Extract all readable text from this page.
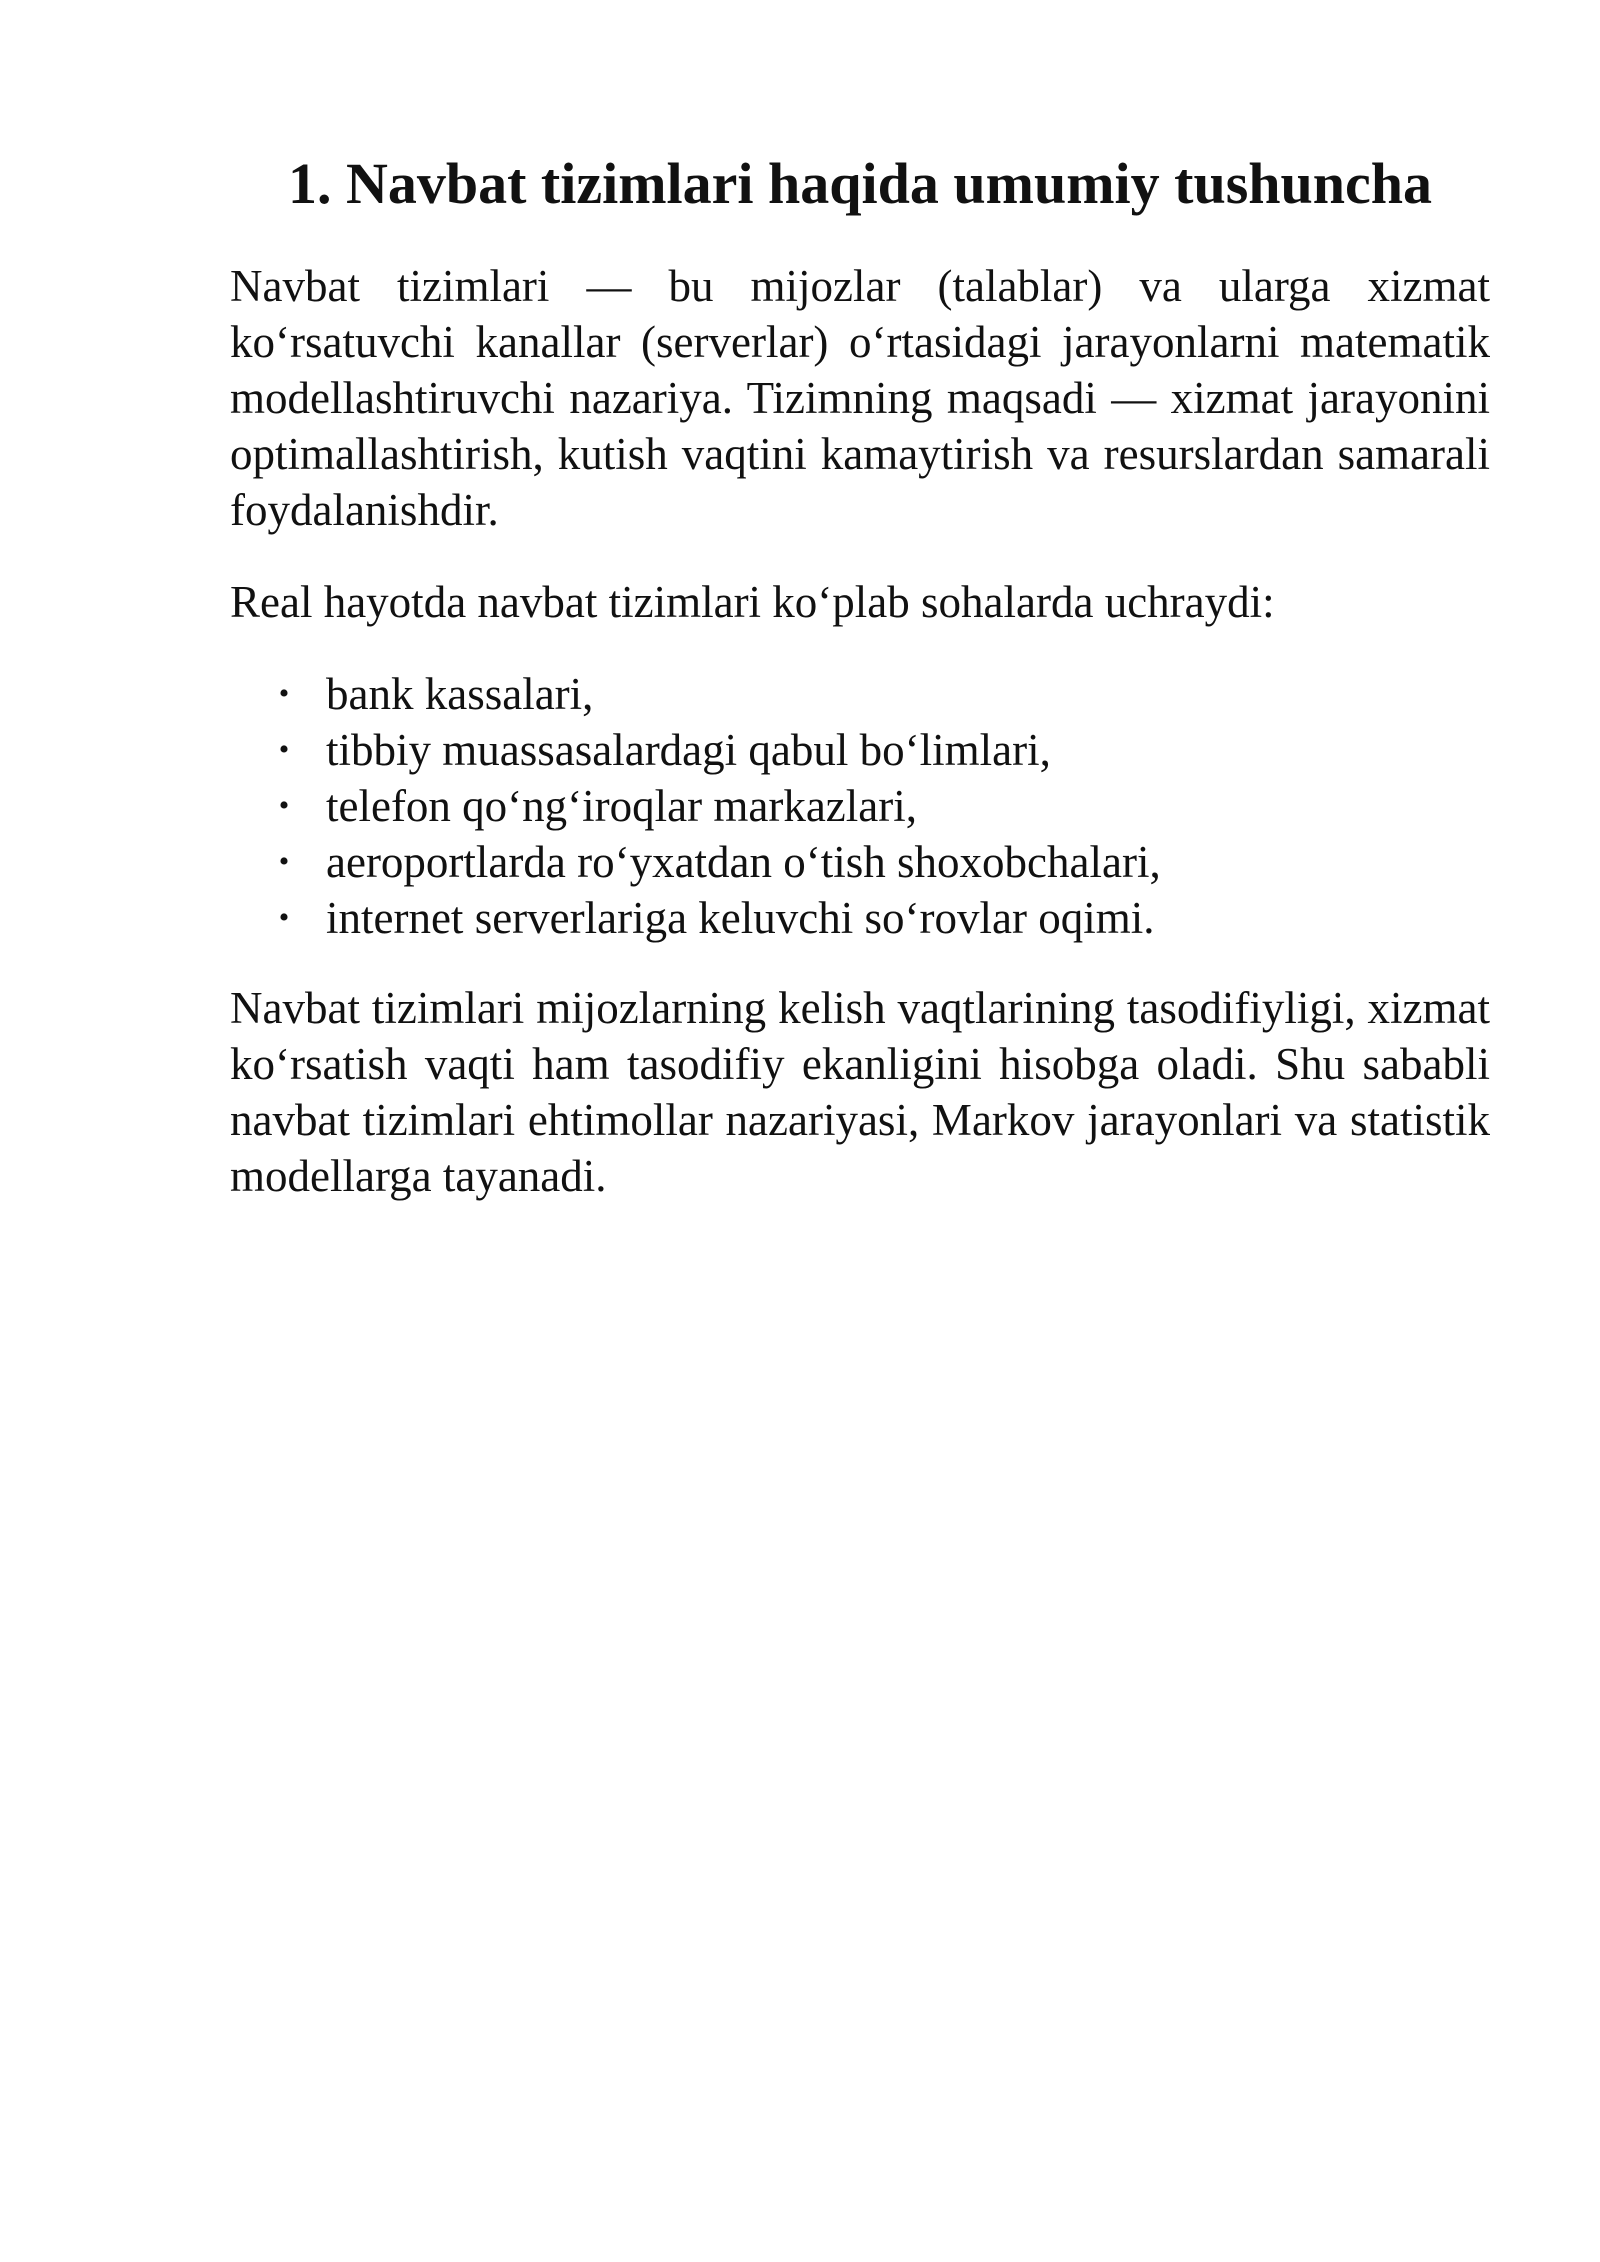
1. Navbat tizimlari haqida umumiy tushuncha

Navbat tizimlari — bu mijozlar (talablar) va ularga xizmat ko‘rsatuvchi kanallar (serverlar) o‘rtasidagi jarayonlarni matematik modellashtiruvchi nazariya. Tizimning maqsadi — xizmat jarayonini optimallashtirish, kutish vaqtini kamaytirish va resurslardan samarali foydalanishdir.

Real hayotda navbat tizimlari ko‘plab sohalarda uchraydi:

• bank kassalari,
• tibbiy muassasalardagi qabul bo‘limlari,
• telefon qo‘ng‘iroqlar markazlari,
• aeroportlarda ro‘yxatdan o‘tish shoxobchalari,
• internet serverlariga keluvchi so‘rovlar oqimi.

Navbat tizimlari mijozlarning kelish vaqtlarining tasodifiyligi, xizmat ko‘rsatish vaqti ham tasodifiy ekanligini hisobga oladi. Shu sababli navbat tizimlari ehtimollar nazariyasi, Markov jarayonlari va statistik modellarga tayanadi.
